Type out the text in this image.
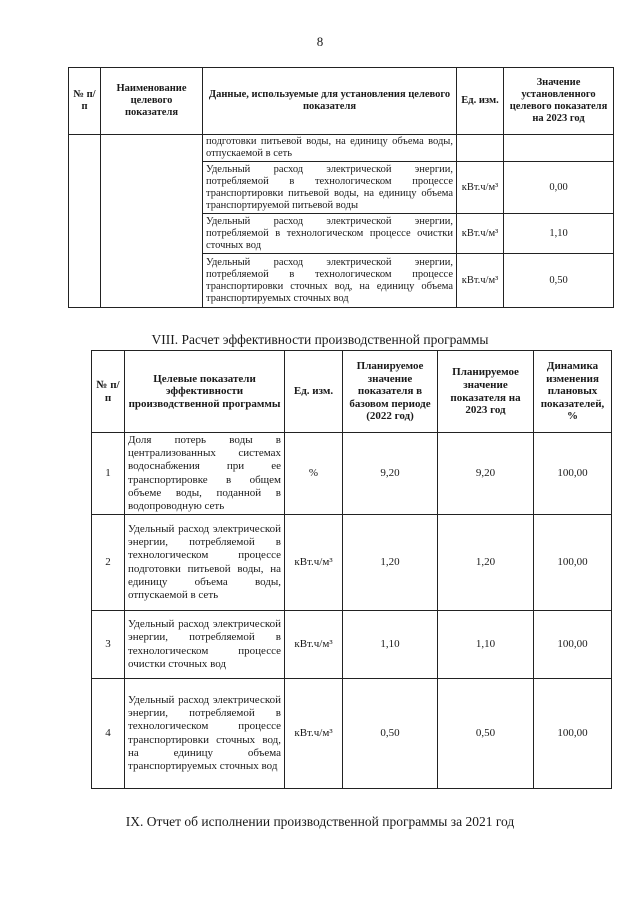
8
№ п/п	Наименование целевого показателя	Данные, используемые для установления целевого показателя	Ед. изм.	Значение установленного целевого показателя на 2023 год
		подготовки питьевой воды, на единицу объема воды, отпускаемой в сеть		
		Удельный расход электрической энергии, потребляемой в технологическом процессе транспортировки питьевой воды, на единицу объема транспортируемой питьевой воды	кВт.ч/м³	0,00
		Удельный расход электрической энергии, потребляемой в технологическом процессе очистки сточных вод	кВт.ч/м³	1,10
		Удельный расход электрической энергии, потребляемой в технологическом процессе транспортировки сточных вод, на единицу объема транспортируемых сточных вод	кВт.ч/м³	0,50
VIII. Расчет эффективности производственной программы
№ п/п	Целевые показатели эффективности производственной программы	Ед. изм.	Планируемое значение показателя в базовом периоде (2022 год)	Планируемое значение показателя на 2023 год	Динамика изменения плановых показателей, %
1	Доля потерь воды в централизованных системах водоснабжения при ее транспортировке в общем объеме воды, поданной в водопроводную сеть	%	9,20	9,20	100,00
2	Удельный расход электрической энергии, потребляемой в технологическом процессе подготовки питьевой воды, на единицу объема воды, отпускаемой в сеть	кВт.ч/м³	1,20	1,20	100,00
3	Удельный расход электрической энергии, потребляемой в технологическом процессе очистки сточных вод	кВт.ч/м³	1,10	1,10	100,00
4	Удельный расход электрической энергии, потребляемой в технологическом процессе транспортировки сточных вод, на единицу объема транспортируемых сточных вод	кВт.ч/м³	0,50	0,50	100,00
IX. Отчет об исполнении производственной программы за 2021 год
